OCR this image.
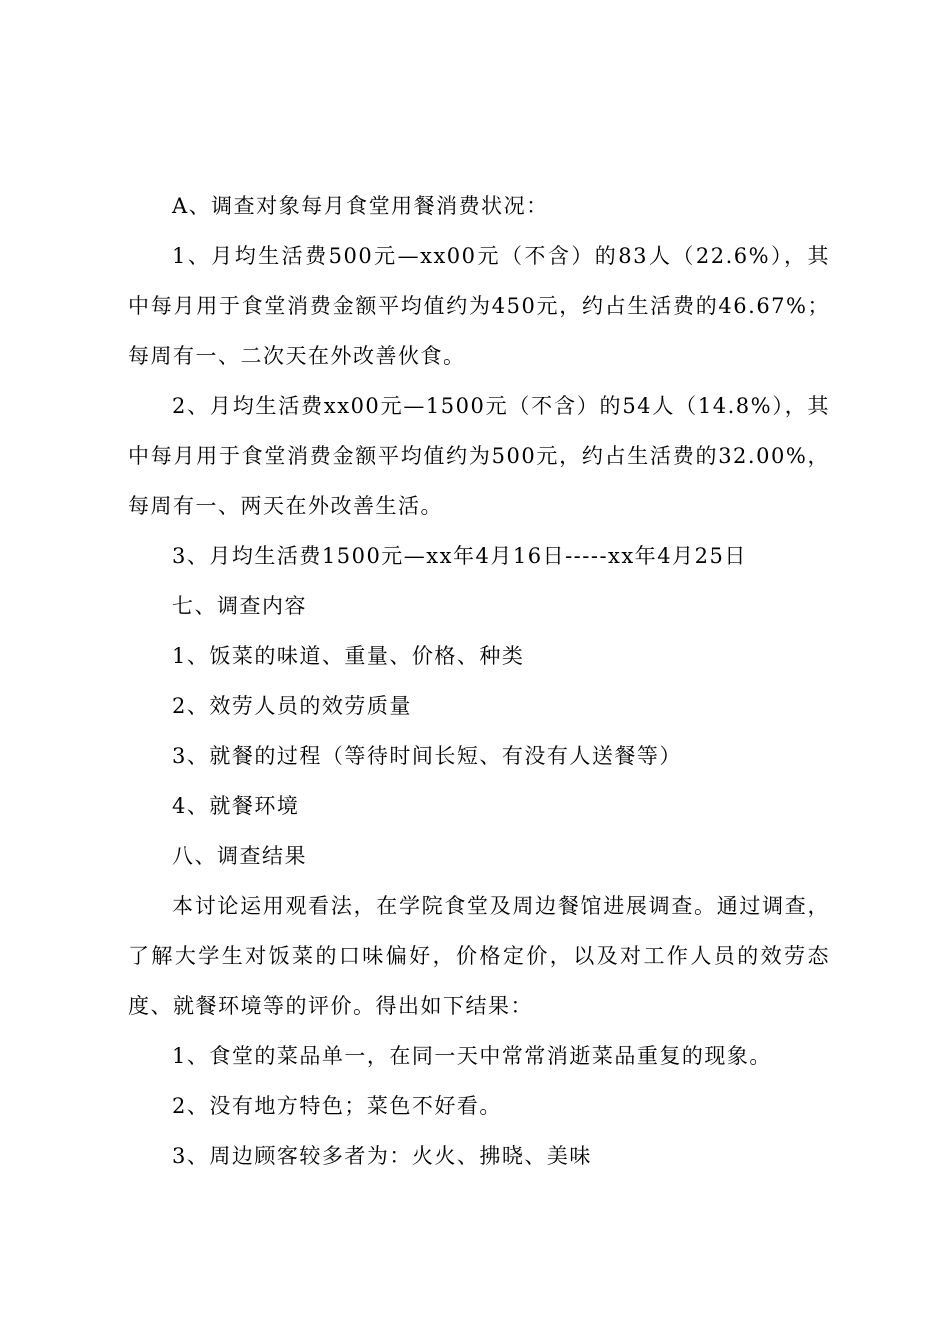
A、调查对象每月食堂用餐消费状况：

1、月均生活费500元—xx00元（不含）的83人（22.6%），其中每月用于食堂消费金额平均值约为450元，约占生活费的46.67%；每周有一、二次天在外改善伙食。

2、月均生活费xx00元—1500元（不含）的54人（14.8%），其中每月用于食堂消费金额平均值约为500元，约占生活费的32.00%，每周有一、两天在外改善生活。

3、月均生活费1500元—xx年4月16日-----xx年4月25日

七、调查内容

1、饭菜的味道、重量、价格、种类

2、效劳人员的效劳质量

3、就餐的过程（等待时间长短、有没有人送餐等）

4、就餐环境

八、调查结果

本讨论运用观看法，在学院食堂及周边餐馆进展调查。通过调查，了解大学生对饭菜的口味偏好，价格定价，以及对工作人员的效劳态度、就餐环境等的评价。得出如下结果：

1、食堂的菜品单一，在同一天中常常消逝菜品重复的现象。

2、没有地方特色；菜色不好看。

3、周边顾客较多者为：火火、拂晓、美味
